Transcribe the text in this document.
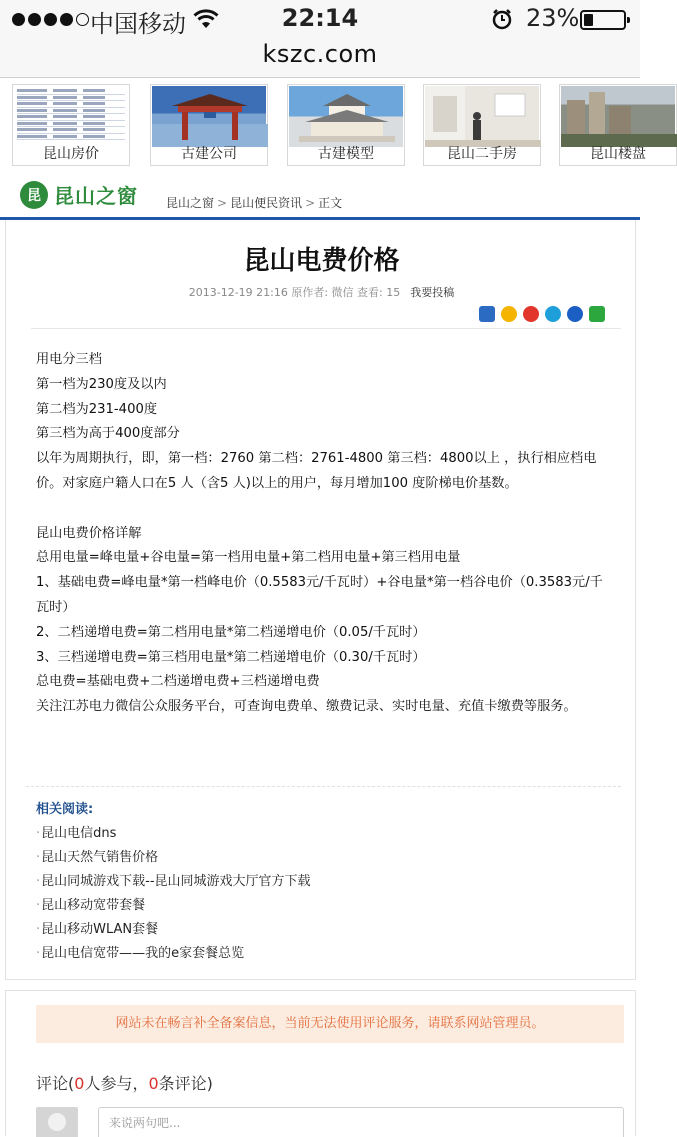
中国移动	22:14	23%
kszc.com
昆山房价	古建公司	古建模型	昆山二手房	昆山楼盘
昆 昆山之窗 昆山之窗 > 昆山便民资讯 > 正文
昆山电费价格
2013-12-19 21:16 原作者: 微信 查看: 15 我要投稿

用电分三档

第一档为230度及以内

第二档为231-400度

第三档为高于400度部分

以年为周期执行，即，第一档：2760 第二档：2761-4800 第三档：4800以上 ，执行相应档电价。对家庭户籍人口在5 人（含5 人)以上的用户，每月增加100 度阶梯电价基数。

昆山电费价格详解

总用电量=峰电量+谷电量=第一档用电量+第二档用电量+第三档用电量

1、基础电费=峰电量*第一档峰电价（0.5583元/千瓦时）+谷电量*第一档谷电价（0.3583元/千瓦时）

2、二档递增电费=第二档用电量*第二档递增电价（0.05/千瓦时）

3、三档递增电费=第三档用电量*第二档递增电价（0.30/千瓦时）

总电费=基础电费+二档递增电费+三档递增电费

关注江苏电力微信公众服务平台，可查询电费单、缴费记录、实时电量、充值卡缴费等服务。

相关阅读:
· 昆山电信dns
· 昆山天然气销售价格
· 昆山同城游戏下载--昆山同城游戏大厅官方下载
· 昆山移动宽带套餐
· 昆山移动WLAN套餐
· 昆山电信宽带——我的e家套餐总览
网站未在畅言补全备案信息，当前无法使用评论服务，请联系网站管理员。
评论(0人参与，0条评论)
来说两句吧...
